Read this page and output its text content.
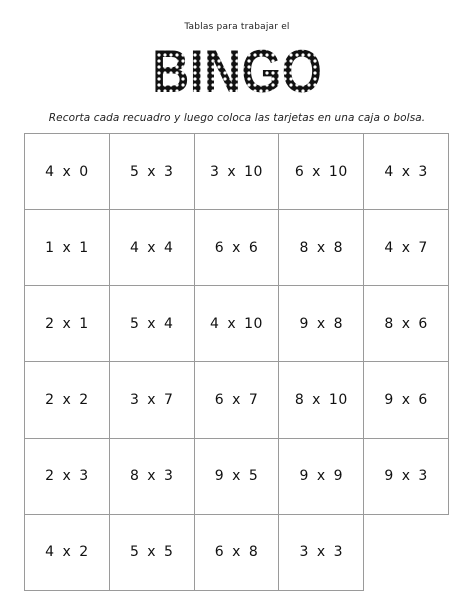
Tablas para trabajar el
BINGO
BINGO
Recorta cada recuadro y luego coloca las tarjetas en una caja o bolsa.
4 x 0	5 x 3	3 x 10	6 x 10	4 x 3
1 x 1	4 x 4	6 x 6	8 x 8	4 x 7
2 x 1	5 x 4	4 x 10	9 x 8	8 x 6
2 x 2	3 x 7	6 x 7	8 x 10	9 x 6
2 x 3	8 x 3	9 x 5	9 x 9	9 x 3
4 x 2	5 x 5	6 x 8	3 x 3
